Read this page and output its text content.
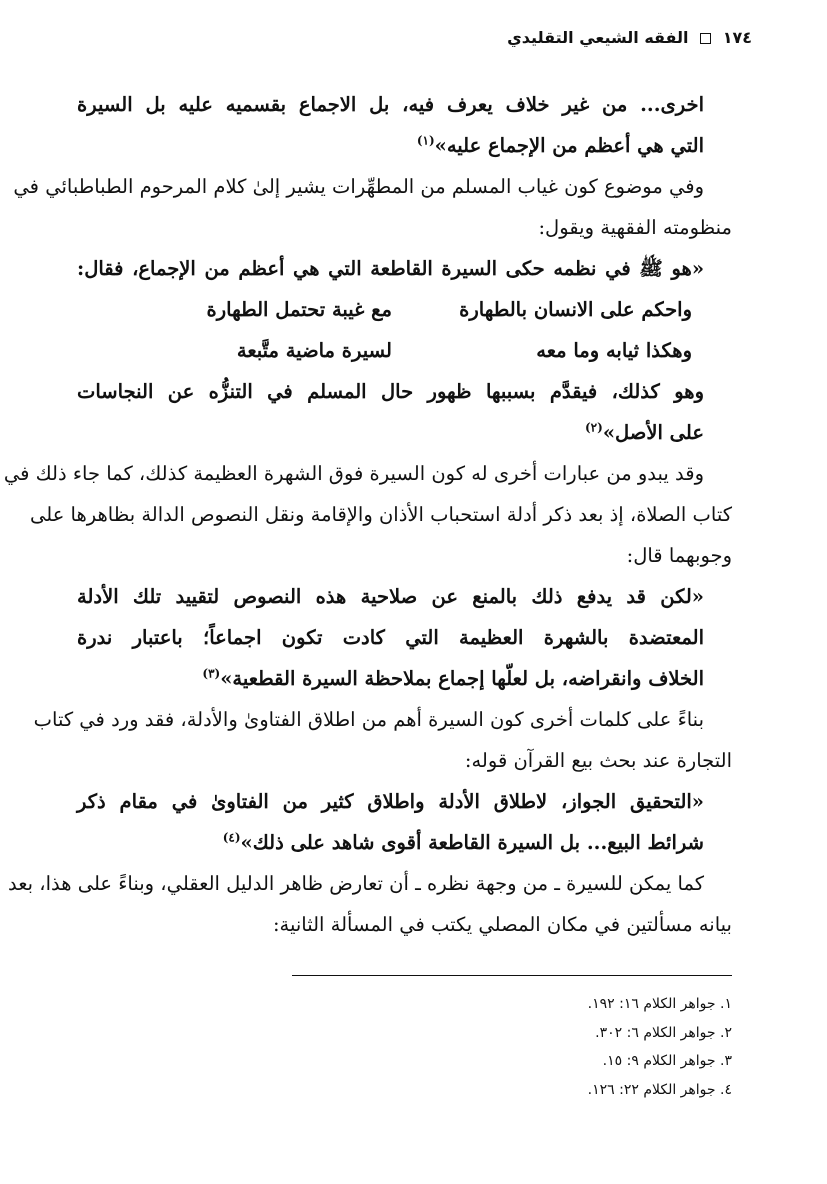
١٧٤  الفقه الشيعي التقليدي
اخرى... من غير خلاف يعرف فيه، بل الاجماع بقسميه عليه بل السيرة
التي هي أعظم من الإجماع عليه»$^{(١)}$
وفي موضوع كون غياب المسلم من المطهِّرات يشير إلىٰ كلام المرحوم الطباطبائي في
منظومته الفقهية ويقول:
«هو ﷺ في نظمه حكى السيرة القاطعة التي هي أعظم من الإجماع، فقال:
واحكم على الانسان بالطهارة
مع غيبة تحتمل الطهارة
وهكذا ثيابه وما معه
لسيرة ماضية متَّبعة
وهو كذلك، فيقدَّم بسببها ظهور حال المسلم في التنزُّه عن النجاسات
على الأصل»$^{(٢)}$
وقد يبدو من عبارات أخرى له كون السيرة فوق الشهرة العظيمة كذلك، كما جاء ذلك في
كتاب الصلاة، إذ بعد ذكر أدلة استحباب الأذان والإقامة ونقل النصوص الدالة بظاهرها على
وجوبهما قال:
«لكن قد يدفع ذلك بالمنع عن صلاحية هذه النصوص لتقييد تلك الأدلة
المعتضدة بالشهرة العظيمة التي كادت تكون اجماعاً؛ باعتبار ندرة
الخلاف وانقراضه، بل لعلّها إجماع بملاحظة السيرة القطعية»$^{(٣)}$
بناءً على كلمات أخرى كون السيرة أهم من اطلاق الفتاوىٰ والأدلة، فقد ورد في كتاب
التجارة عند بحث بيع القرآن قوله:
«التحقيق الجواز، لاطلاق الأدلة واطلاق كثير من الفتاوىٰ في مقام ذكر
شرائط البيع... بل السيرة القاطعة أقوى شاهد على ذلك»$^{(٤)}$
كما يمكن للسيرة ـ من وجهة نظره ـ أن تعارض ظاهر الدليل العقلي، وبناءً على هذا، بعد
بيانه مسألتين في مكان المصلي يكتب في المسألة الثانية:
١. جواهر الكلام ١٦: ١٩٢.
٢. جواهر الكلام ٦: ٣٠٢.
٣. جواهر الكلام ٩: ١٥.
٤. جواهر الكلام ٢٢: ١٢٦.
